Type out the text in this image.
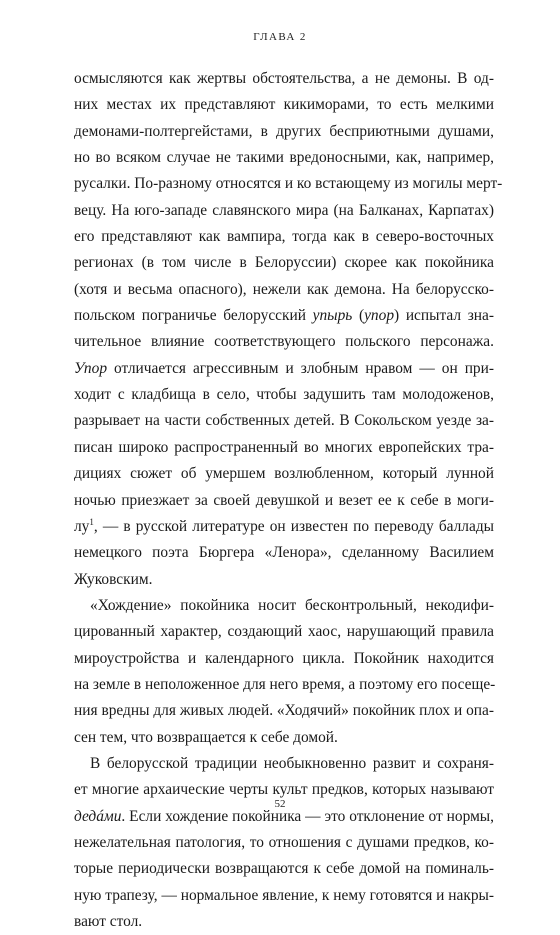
ГЛАВА 2
осмысляются как жертвы обстоятельства, а не демоны. В од-
них местах их представляют кикиморами, то есть мелкими
демонами-полтергейстами, в других бесприютными душами,
но во всяком случае не такими вредоносными, как, например,
русалки. По-разному относятся и ко встающему из могилы мерт-
вецу. На юго-западе славянского мира (на Балканах, Карпатах)
его представляют как вампира, тогда как в северо-восточных
регионах (в том числе в Белоруссии) скорее как покойника
(хотя и весьма опасного), нежели как демона. На белорусско-
польском пограничье белорусский упырь (упор) испытал зна-
чительное влияние соответствующего польского персонажа.
Упор отличается агрессивным и злобным нравом — он при-
ходит с кладбища в село, чтобы задушить там молодоженов,
разрывает на части собственных детей. В Сокольском уезде за-
писан широко распространенный во многих европейских тра-
дициях сюжет об умершем возлюбленном, который лунной
ночью приезжает за своей девушкой и везет ее к себе в моги-
$лу^1$, — в русской литературе он известен по переводу баллады
немецкого поэта Бюргера «Ленора», сделанному Василием
Жуковским.
«Хождение» покойника носит бесконтрольный, некодифи-
цированный характер, создающий хаос, нарушающий правила
мироустройства и календарного цикла. Покойник находится
на земле в неположенное для него время, а поэтому его посеще-
ния вредны для живых людей. «Ходячий» покойник плох и опа-
сен тем, что возвращается к себе домой.
В белорусской традиции необыкновенно развит и сохраня-
ет многие архаические черты культ предков, которых называют
дедáми. Если хождение покойника — это отклонение от нормы,
нежелательная патология, то отношения с душами предков, ко-
торые периодически возвращаются к себе домой на поминаль-
ную трапезу, — нормальное явление, к нему готовятся и накры-
вают стол.
52
